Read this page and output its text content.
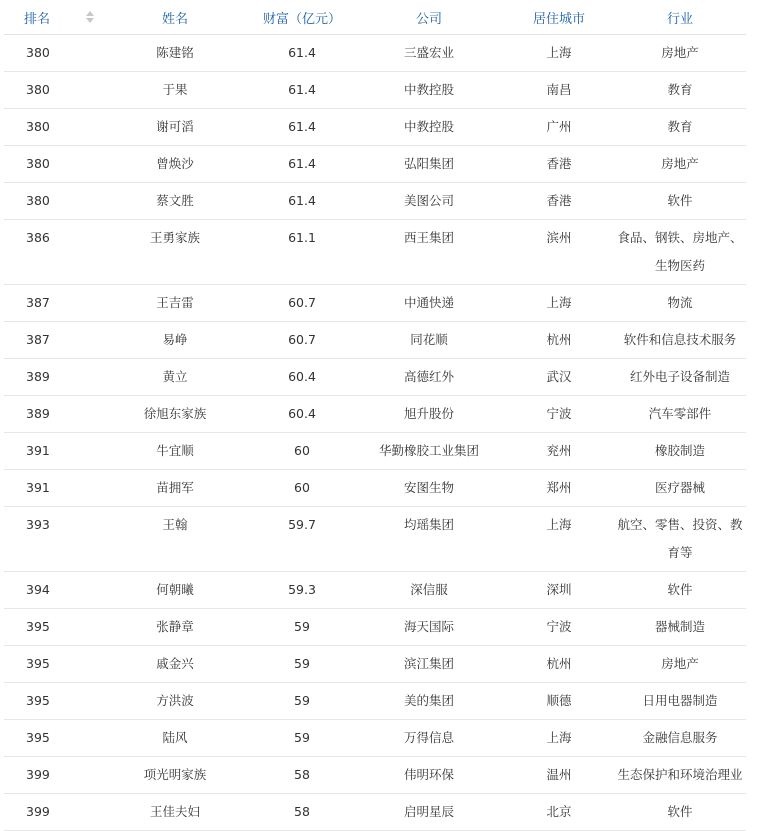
排名	姓名	财富（亿元）	公司	居住城市	行业
380	陈建铭	61.4	三盛宏业	上海	房地产
380	于果	61.4	中教控股	南昌	教育
380	谢可滔	61.4	中教控股	广州	教育
380	曾焕沙	61.4	弘阳集团	香港	房地产
380	蔡文胜	61.4	美图公司	香港	软件
386	王勇家族	61.1	西王集团	滨州	食品、钢铁、房地产、生物医药
387	王吉雷	60.7	中通快递	上海	物流
387	易峥	60.7	同花顺	杭州	软件和信息技术服务
389	黄立	60.4	高德红外	武汉	红外电子设备制造
389	徐旭东家族	60.4	旭升股份	宁波	汽车零部件
391	牛宜顺	60	华勤橡胶工业集团	兖州	橡胶制造
391	苗拥军	60	安图生物	郑州	医疗器械
393	王翰	59.7	均瑶集团	上海	航空、零售、投资、教育等
394	何朝曦	59.3	深信服	深圳	软件
395	张静章	59	海天国际	宁波	器械制造
395	戚金兴	59	滨江集团	杭州	房地产
395	方洪波	59	美的集团	顺德	日用电器制造
395	陆风	59	万得信息	上海	金融信息服务
399	项光明家族	58	伟明环保	温州	生态保护和环境治理业
399	王佳夫妇	58	启明星辰	北京	软件
